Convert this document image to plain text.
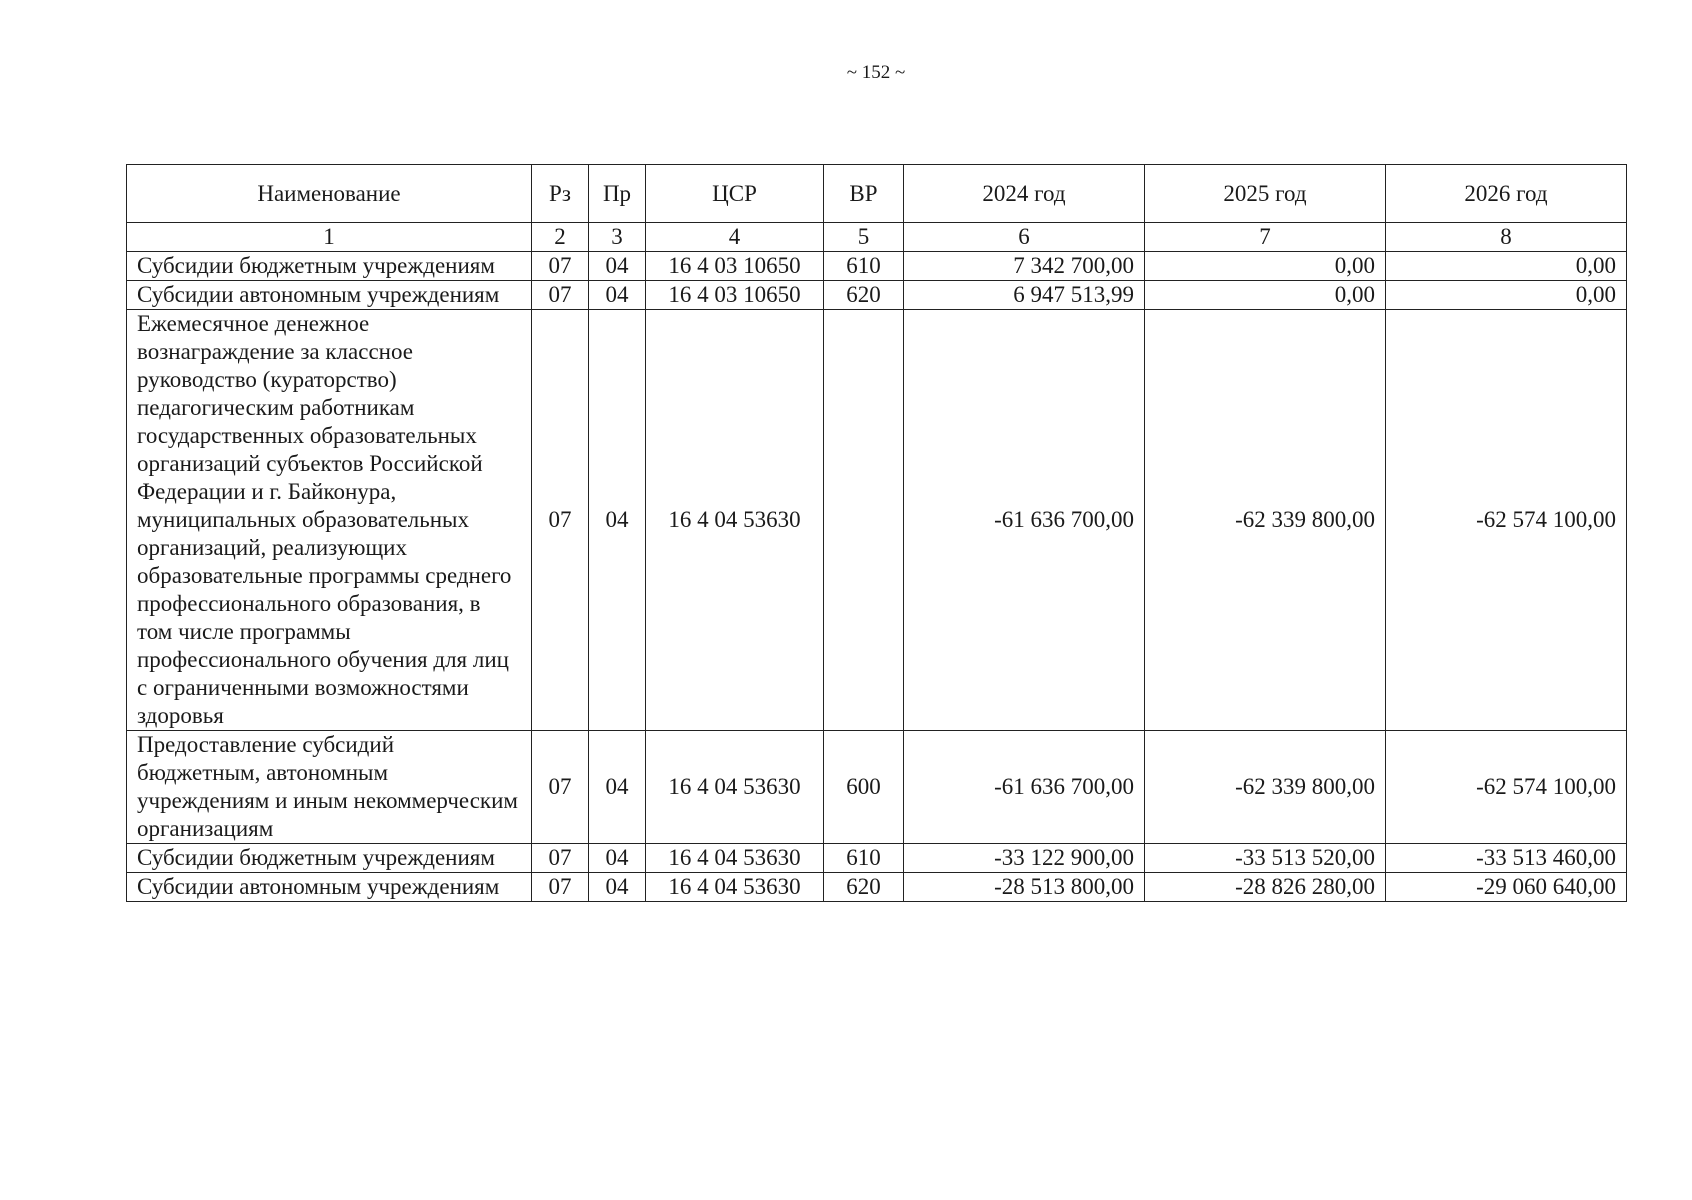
~ 152 ~
Наименование	Рз	Пр	ЦСР	ВР	2024 год	2025 год	2026 год
1	2	3	4	5	6	7	8
Субсидии бюджетным учреждениям	07	04	16 4 03 10650	610	7 342 700,00	0,00	0,00
Субсидии автономным учреждениям	07	04	16 4 03 10650	620	6 947 513,99	0,00	0,00
Ежемесячное денежное вознаграждение за классное руководство (кураторство) педагогическим работникам государственных образовательных организаций субъектов Российской Федерации и г. Байконура, муниципальных образовательных организаций, реализующих образовательные программы среднего профессионального образования, в том числе программы профессионального обучения для лиц с ограниченными возможностями здоровья	07	04	16 4 04 53630		-61 636 700,00	-62 339 800,00	-62 574 100,00
Предоставление субсидий бюджетным, автономным учреждениям и иным некоммерческим организациям	07	04	16 4 04 53630	600	-61 636 700,00	-62 339 800,00	-62 574 100,00
Субсидии бюджетным учреждениям	07	04	16 4 04 53630	610	-33 122 900,00	-33 513 520,00	-33 513 460,00
Субсидии автономным учреждениям	07	04	16 4 04 53630	620	-28 513 800,00	-28 826 280,00	-29 060 640,00
